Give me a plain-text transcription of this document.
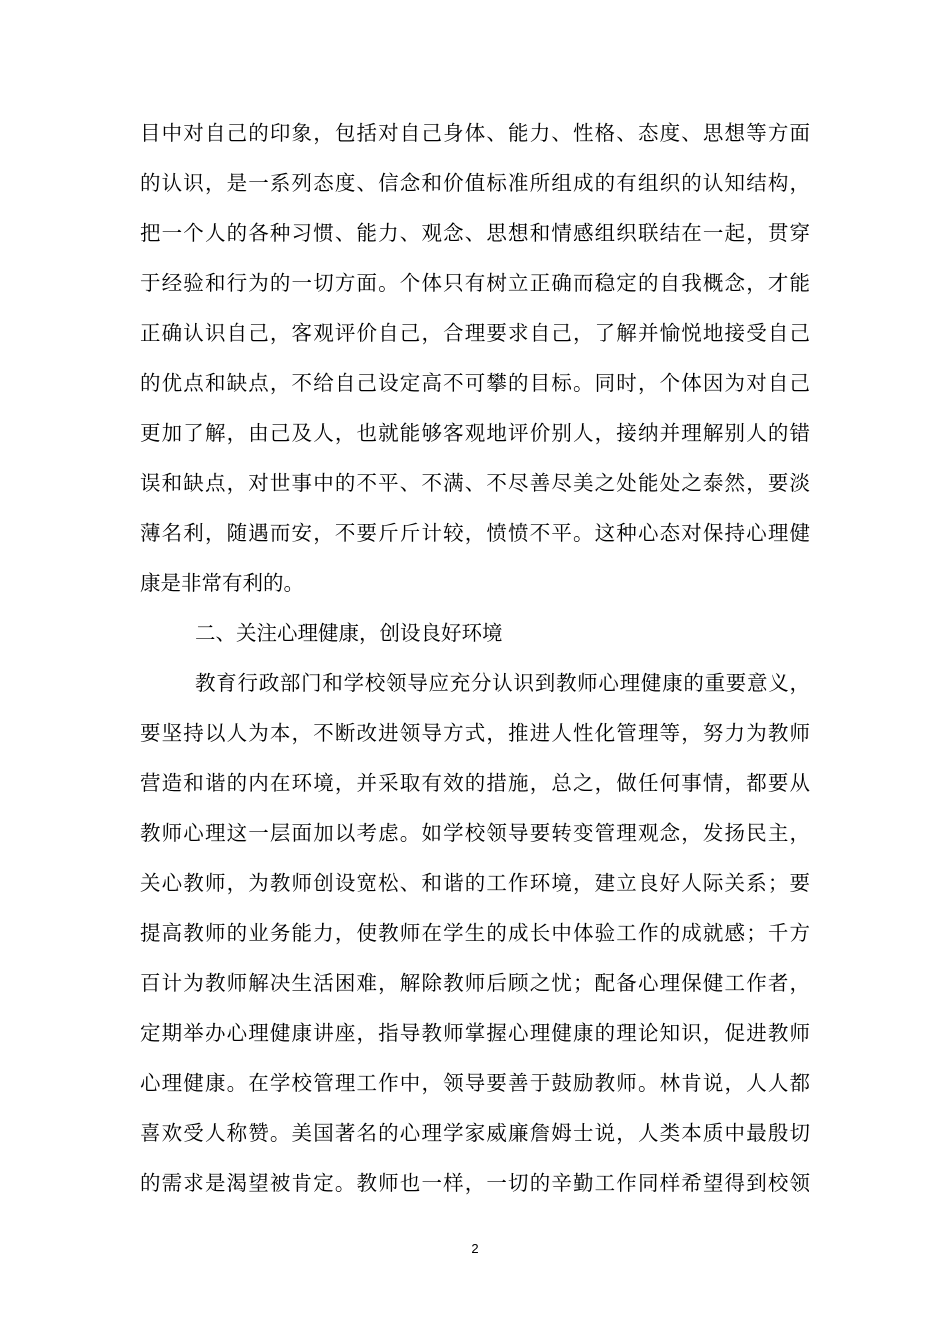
目中对自己的印象，包括对自己身体、能力、性格、态度、思想等方面
的认识，是一系列态度、信念和价值标准所组成的有组织的认知结构，
把一个人的各种习惯、能力、观念、思想和情感组织联结在一起，贯穿
于经验和行为的一切方面。个体只有树立正确而稳定的自我概念，才能
正确认识自己，客观评价自己，合理要求自己，了解并愉悦地接受自己
的优点和缺点，不给自己设定高不可攀的目标。同时，个体因为对自己
更加了解，由己及人，也就能够客观地评价别人，接纳并理解别人的错
误和缺点，对世事中的不平、不满、不尽善尽美之处能处之泰然，要淡
薄名利，随遇而安，不要斤斤计较，愤愤不平。这种心态对保持心理健
康是非常有利的。
二、关注心理健康，创设良好环境
教育行政部门和学校领导应充分认识到教师心理健康的重要意义，
要坚持以人为本，不断改进领导方式，推进人性化管理等，努力为教师
营造和谐的内在环境，并采取有效的措施，总之，做任何事情，都要从
教师心理这一层面加以考虑。如学校领导要转变管理观念，发扬民主，
关心教师，为教师创设宽松、和谐的工作环境，建立良好人际关系；要
提高教师的业务能力，使教师在学生的成长中体验工作的成就感；千方
百计为教师解决生活困难，解除教师后顾之忧；配备心理保健工作者，
定期举办心理健康讲座，指导教师掌握心理健康的理论知识，促进教师
心理健康。在学校管理工作中，领导要善于鼓励教师。林肯说，人人都
喜欢受人称赞。美国著名的心理学家威廉詹姆士说，人类本质中最殷切
的需求是渴望被肯定。教师也一样，一切的辛勤工作同样希望得到校领
2
